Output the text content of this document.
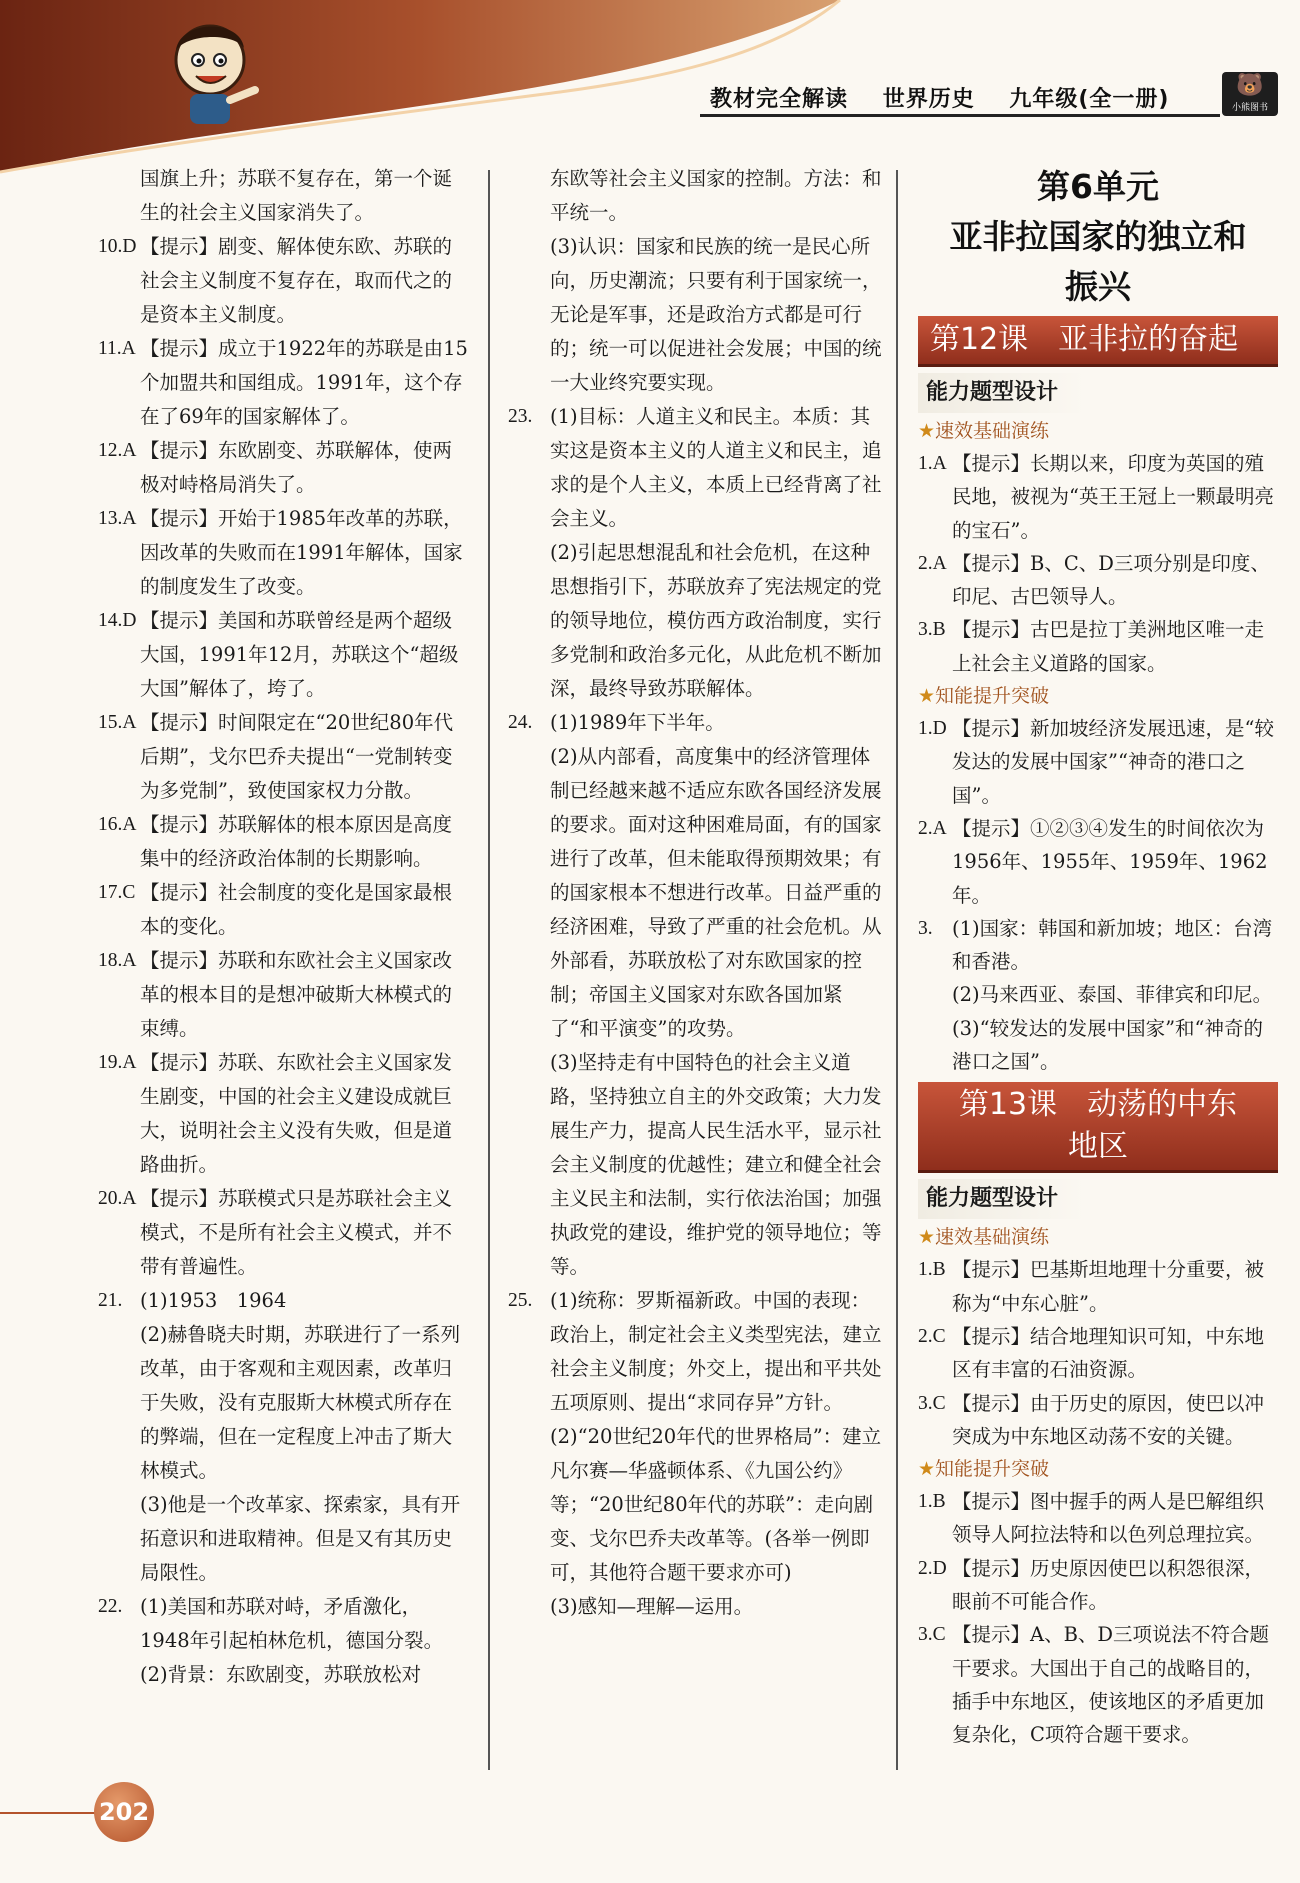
教材完全解读 世界历史 九年级(全一册)
🐻
小熊图书
国旗上升；苏联不复存在，第一个诞生的社会主义国家消失了。
10.D 【提示】剧变、解体使东欧、苏联的社会主义制度不复存在，取而代之的是资本主义制度。
11.A 【提示】成立于1922年的苏联是由15个加盟共和国组成。1991年，这个存在了69年的国家解体了。
12.A 【提示】东欧剧变、苏联解体，使两极对峙格局消失了。
13.A 【提示】开始于1985年改革的苏联，因改革的失败而在1991年解体，国家的制度发生了改变。
14.D 【提示】美国和苏联曾经是两个超级大国，1991年12月，苏联这个“超级大国”解体了，垮了。
15.A 【提示】时间限定在“20世纪80年代后期”，戈尔巴乔夫提出“一党制转变为多党制”，致使国家权力分散。
16.A 【提示】苏联解体的根本原因是高度集中的经济政治体制的长期影响。
17.C 【提示】社会制度的变化是国家最根本的变化。
18.A 【提示】苏联和东欧社会主义国家改革的根本目的是想冲破斯大林模式的束缚。
19.A 【提示】苏联、东欧社会主义国家发生剧变，中国的社会主义建设成就巨大，说明社会主义没有失败，但是道路曲折。
20.A 【提示】苏联模式只是苏联社会主义模式，不是所有社会主义模式，并不带有普遍性。
21. (1)1953　1964
(2)赫鲁晓夫时期，苏联进行了一系列改革，由于客观和主观因素，改革归于失败，没有克服斯大林模式所存在的弊端，但在一定程度上冲击了斯大林模式。
(3)他是一个改革家、探索家，具有开拓意识和进取精神。但是又有其历史局限性。
22. (1)美国和苏联对峙，矛盾激化，1948年引起柏林危机，德国分裂。
(2)背景：东欧剧变，苏联放松对
东欧等社会主义国家的控制。方法：和平统一。
(3)认识：国家和民族的统一是民心所向，历史潮流；只要有利于国家统一，无论是军事，还是政治方式都是可行的；统一可以促进社会发展；中国的统一大业终究要实现。
23. (1)目标：人道主义和民主。本质：其实这是资本主义的人道主义和民主，追求的是个人主义，本质上已经背离了社会主义。
(2)引起思想混乱和社会危机，在这种思想指引下，苏联放弃了宪法规定的党的领导地位，模仿西方政治制度，实行多党制和政治多元化，从此危机不断加深，最终导致苏联解体。
24. (1)1989年下半年。
(2)从内部看，高度集中的经济管理体制已经越来越不适应东欧各国经济发展的要求。面对这种困难局面，有的国家进行了改革，但未能取得预期效果；有的国家根本不想进行改革。日益严重的经济困难，导致了严重的社会危机。从外部看，苏联放松了对东欧国家的控制；帝国主义国家对东欧各国加紧了“和平演变”的攻势。
(3)坚持走有中国特色的社会主义道路，坚持独立自主的外交政策；大力发展生产力，提高人民生活水平，显示社会主义制度的优越性；建立和健全社会主义民主和法制，实行依法治国；加强执政党的建设，维护党的领导地位；等等。
25. (1)统称：罗斯福新政。中国的表现：政治上，制定社会主义类型宪法，建立社会主义制度；外交上，提出和平共处五项原则、提出“求同存异”方针。
(2)“20世纪20年代的世界格局”：建立凡尔赛—华盛顿体系、《九国公约》等；“20世纪80年代的苏联”：走向剧变、戈尔巴乔夫改革等。(各举一例即可，其他符合题干要求亦可)
(3)感知—理解—运用。
第6单元
亚非拉国家的独立和
振兴
第12课　亚非拉的奋起
能力题型设计
★速效基础演练
1.A 【提示】长期以来，印度为英国的殖民地，被视为“英王王冠上一颗最明亮的宝石”。
2.A 【提示】B、C、D三项分别是印度、印尼、古巴领导人。
3.B 【提示】古巴是拉丁美洲地区唯一走上社会主义道路的国家。
★知能提升突破
1.D 【提示】新加坡经济发展迅速，是“较发达的发展中国家”“神奇的港口之国”。
2.A 【提示】①②③④发生的时间依次为1956年、1955年、1959年、1962年。
3. (1)国家：韩国和新加坡；地区：台湾和香港。
(2)马来西亚、泰国、菲律宾和印尼。
(3)“较发达的发展中国家”和“神奇的港口之国”。
第13课　动荡的中东
地区
能力题型设计
★速效基础演练
1.B 【提示】巴基斯坦地理十分重要，被称为“中东心脏”。
2.C 【提示】结合地理知识可知，中东地区有丰富的石油资源。
3.C 【提示】由于历史的原因，使巴以冲突成为中东地区动荡不安的关键。
★知能提升突破
1.B 【提示】图中握手的两人是巴解组织领导人阿拉法特和以色列总理拉宾。
2.D 【提示】历史原因使巴以积怨很深，眼前不可能合作。
3.C 【提示】A、B、D三项说法不符合题干要求。大国出于自己的战略目的，插手中东地区，使该地区的矛盾更加复杂化，C项符合题干要求。
202
